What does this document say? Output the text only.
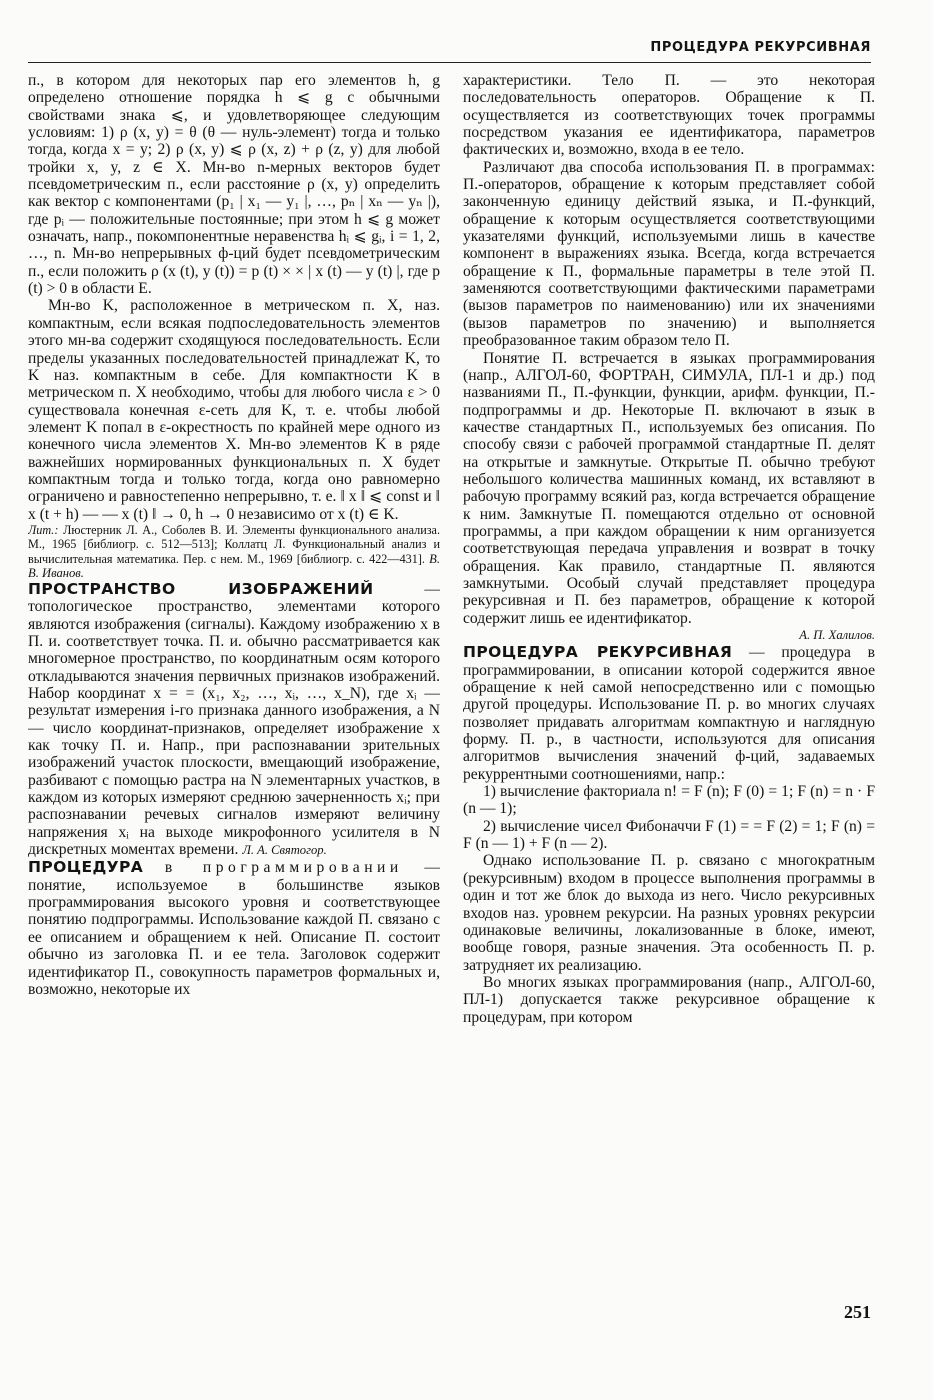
ПРОЦЕДУРА РЕКУРСИВНАЯ

п., в котором для некоторых пар его элементов h, g определено отношение порядка h ⩽ g с обычными свойствами знака ⩽, и удовлетворяющее следующим условиям: 1) ρ (x, y) = θ (θ — нуль-элемент) тогда и только тогда, когда x = y; 2) ρ (x, y) ⩽ ρ (x, z) + ρ (z, y) для любой тройки x, y, z ∈ X. Мн-во n-мерных векторов будет псевдометрическим п., если расстояние ρ (x, y) определить как вектор с компонентами (p₁ | x₁ — y₁ |, …, pₙ | xₙ — yₙ |), где pᵢ — положительные постоянные; при этом h ⩽ g может означать, напр., покомпонентные неравенства hᵢ ⩽ gᵢ, i = 1, 2, …, n. Мн-во непрерывных ф-ций будет псевдометрическим п., если положить ρ (x (t), y (t)) = p (t) × × | x (t) — y (t) |, где p (t) > 0 в области E.

Мн-во K, расположенное в метрическом п. X, наз. компактным, если всякая подпоследовательность элементов этого мн-ва содержит сходящуюся последовательность. Если пределы указанных последовательностей принадлежат K, то K наз. компактным в себе. Для компактности K в метрическом п. X необходимо, чтобы для любого числа ε > 0 существовала конечная ε-сеть для K, т. е. чтобы любой элемент K попал в ε-окрестность по крайней мере одного из конечного числа элементов X. Мн-во элементов K в ряде важнейших нормированных функциональных п. X будет компактным тогда и только тогда, когда оно равномерно ограничено и равностепенно непрерывно, т. е. ‖ x ‖ ⩽ const и ‖ x (t + h) — — x (t) ‖ → 0, h → 0 независимо от x (t) ∈ K.

Лит.: Люстерник Л. А., Соболев В. И. Элементы функционального анализа. М., 1965 [библиогр. с. 512—513]; Коллатц Л. Функциональный анализ и вычислительная математика. Пер. с нем. М., 1969 [библиогр. с. 422—431]. В. В. Иванов.

ПРОСТРАНСТВО ИЗОБРАЖЕНИЙ	— топологическое пространство, элементами которого являются изображения (сигналы). Каждому изображению x в П. и. соответствует точка. П. и. обычно рассматривается как многомерное пространство, по координатным осям которого откладываются значения первичных признаков изображений. Набор координат x = = (x₁, x₂, …, xᵢ, …, x_N), где xᵢ — результат измерения i-го признака данного изображения, а N — число координат-признаков, определяет изображение x как точку П. и. Напр., при распознавании зрительных изображений участок плоскости, вмещающий изображение, разбивают с помощью растра на N элементарных участков, в каждом из которых измеряют среднюю зачерненность xᵢ; при распознавании речевых сигналов измеряют величину напряжения xᵢ на выходе микрофонного усилителя в N дискретных моментах времени. Л. А. Святогор.

ПРОЦЕДУРА в программировании — понятие, используемое в большинстве языков программирования высокого уровня и соответствующее понятию подпрограммы. Использование каждой П. связано с ее описанием и обращением к ней. Описание П. состоит обычно из заголовка П. и ее тела. Заголовок содержит идентификатор П., совокупность параметров формальных и, возможно, некоторые их

характеристики. Тело П. — это некоторая последовательность операторов. Обращение к П. осуществляется из соответствующих точек программы посредством указания ее идентификатора, параметров фактических и, возможно, входа в ее тело.

Различают два способа использования П. в программах: П.-операторов, обращение к которым представляет собой законченную единицу действий языка, и П.-функций, обращение к которым осуществляется соответствующими указателями функций, используемыми лишь в качестве компонент в выражениях языка. Всегда, когда встречается обращение к П., формальные параметры в теле этой П. заменяются соответствующими фактическими параметрами (вызов параметров по наименованию) или их значениями (вызов параметров по значению) и выполняется преобразованное таким образом тело П.

Понятие П. встречается в языках программирования (напр., АЛГОЛ-60, ФОРТРАН, СИМУЛА, ПЛ-1 и др.) под названиями П., П.-функции, функции, арифм. функции, П.-подпрограммы и др. Некоторые П. включают в язык в качестве стандартных П., используемых без описания. По способу связи с рабочей программой стандартные П. делят на открытые и замкнутые. Открытые П. обычно требуют небольшого количества машинных команд, их вставляют в рабочую программу всякий раз, когда встречается обращение к ним. Замкнутые П. помещаются отдельно от основной программы, а при каждом обращении к ним организуется соответствующая передача управления и возврат в точку обращения. Как правило, стандартные П. являются замкнутыми. Особый случай представляет процедура рекурсивная и П. без параметров, обращение к которой содержит лишь ее идентификатор.
А. П. Халилов.

ПРОЦЕДУРА РЕКУРСИВНАЯ — процедура в программировании, в описании которой содержится явное обращение к ней самой непосредственно или с помощью другой процедуры. Использование П. р. во многих случаях позволяет придавать алгоритмам компактную и наглядную форму. П. р., в частности, используются для описания алгоритмов вычисления значений ф-ций, задаваемых рекуррентными соотношениями, напр.:

1) вычисление факториала n! = F (n); F (0) = 1; F (n) = n · F (n — 1);

2) вычисление чисел Фибоначчи F (1) = = F (2) = 1; F (n) = F (n — 1) + F (n — 2).

Однако использование П. р. связано с многократным (рекурсивным) входом в процессе выполнения программы в один и тот же блок до выхода из него. Число рекурсивных входов наз. уровнем рекурсии. На разных уровнях рекурсии одинаковые величины, локализованные в блоке, имеют, вообще говоря, разные значения. Эта особенность П. р. затрудняет их реализацию.

Во многих языках программирования (напр., АЛГОЛ-60, ПЛ-1) допускается также рекурсивное обращение к процедурам, при котором

251
